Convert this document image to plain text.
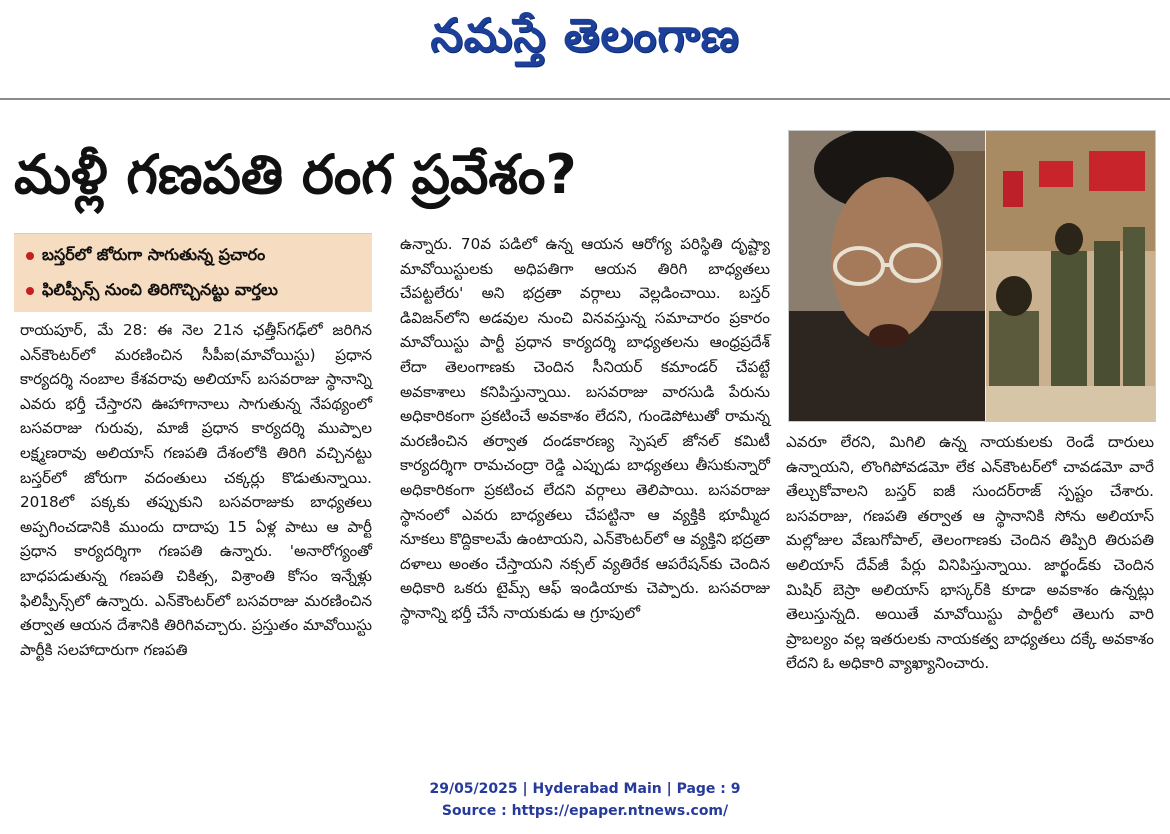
నమస్తే తెలంగాణ
మళ్లీ గణపతి రంగ ప్రవేశం?
బస్తర్‌లో జోరుగా సాగుతున్న ప్రచారం
ఫిలిప్పీన్స్ నుంచి తిరిగొచ్చినట్టు వార్తలు

రాయపూర్, మే 28: ఈ నెల 21న ఛత్తీస్‌గఢ్‌లో జరిగిన ఎన్‌కౌంటర్‌లో మరణించిన సీపీఐ(మావోయిస్టు) ప్రధాన కార్యదర్శి నంబాల కేశవరావు అలియాస్ బసవరాజు స్థానాన్ని ఎవరు భర్తీ చేస్తారని ఊహాగానాలు సాగుతున్న నేపథ్యంలో బసవరాజు గురువు, మాజీ ప్రధాన కార్యదర్శి ముప్పాల లక్ష్మణరావు అలియాస్ గణపతి దేశంలోకి తిరిగి వచ్చినట్టు బస్తర్‌లో జోరుగా వదంతులు చక్కర్లు కొడుతున్నాయి. 2018లో పక్కకు తప్పుకుని బసవరాజుకు బాధ్యతలు అప్పగించడానికి ముందు దాదాపు 15 ఏళ్ల పాటు ఆ పార్టీ ప్రధాన కార్యదర్శిగా గణపతి ఉన్నారు. 'అనారోగ్యంతో బాధపడుతున్న గణపతి చికిత్స, విశ్రాంతి కోసం ఇన్నేళ్లు ఫిలిప్పీన్స్‌లో ఉన్నారు. ఎన్‌కౌంటర్‌లో బసవరాజు మరణించిన తర్వాత ఆయన దేశానికి తిరిగివచ్చారు. ప్రస్తుతం మావోయిస్టు పార్టీకి సలహాదారుగా గణపతి

ఉన్నారు. 70వ పడిలో ఉన్న ఆయన ఆరోగ్య పరిస్థితి దృష్ట్యా మావోయిస్టులకు అధిపతిగా ఆయన తిరిగి బాధ్యతలు చేపట్టలేరు' అని భద్రతా వర్గాలు వెల్లడించాయి. బస్తర్ డివిజన్‌లోని అడవుల నుంచి వినవస్తున్న సమాచారం ప్రకారం మావోయిస్టు పార్టీ ప్రధాన కార్యదర్శి బాధ్యతలను ఆంధ్రప్రదేశ్ లేదా తెలంగాణకు చెందిన సీనియర్ కమాండర్ చేపట్టే అవకాశాలు కనిపిస్తున్నాయి. బసవరాజు వారసుడి పేరును అధికారికంగా ప్రకటించే అవకాశం లేదని, గుండెపోటుతో రామన్న మరణించిన తర్వాత దండకారణ్య స్పెషల్ జోనల్ కమిటీ కార్యదర్శిగా రామచంద్రా రెడ్డి ఎప్పుడు బాధ్యతలు తీసుకున్నారో అధికారికంగా ప్రకటించ లేదని వర్గాలు తెలిపాయి. బసవరాజు స్థానంలో ఎవరు బాధ్యతలు చేపట్టినా ఆ వ్యక్తికి భూమ్మీద నూకలు కొద్దికాలమే ఉంటాయని, ఎన్‌కౌంటర్‌లో ఆ వ్యక్తిని భద్రతా దళాలు అంతం చేస్తాయని నక్సల్ వ్యతిరేక ఆపరేషన్‌కు చెందిన అధికారి ఒకరు టైమ్స్ ఆఫ్ ఇండియాకు చెప్పారు. బసవరాజు స్థానాన్ని భర్తీ చేసే నాయకుడు ఆ గ్రూపులో

ఎవరూ లేరని, మిగిలి ఉన్న నాయకులకు రెండే దారులు ఉన్నాయని, లొంగిపోవడమో లేక ఎన్‌కౌంటర్‌లో చావడమో వారే తేల్చుకోవాలని బస్తర్ ఐజీ సుందర్‌రాజ్ స్పష్టం చేశారు. బసవరాజు, గణపతి తర్వాత ఆ స్థానానికి సోను అలియాస్ మల్లోజుల వేణుగోపాల్, తెలంగాణకు చెందిన తిప్పిరి తిరుపతి అలియాస్ దేవ్‌జీ పేర్లు వినిపిస్తున్నాయి. జార్ఖండ్‌కు చెందిన మిషిర్ బెస్రా అలియాస్ భాస్కర్‌కి కూడా అవకాశం ఉన్నట్లు తెలుస్తున్నది. అయితే మావోయిస్టు పార్టీలో తెలుగు వారి ప్రాబల్యం వల్ల ఇతరులకు నాయకత్వ బాధ్యతలు దక్కే అవకాశం లేదని ఓ అధికారి వ్యాఖ్యానించారు.

29/05/2025 | Hyderabad Main | Page : 9
Source : https://epaper.ntnews.com/
